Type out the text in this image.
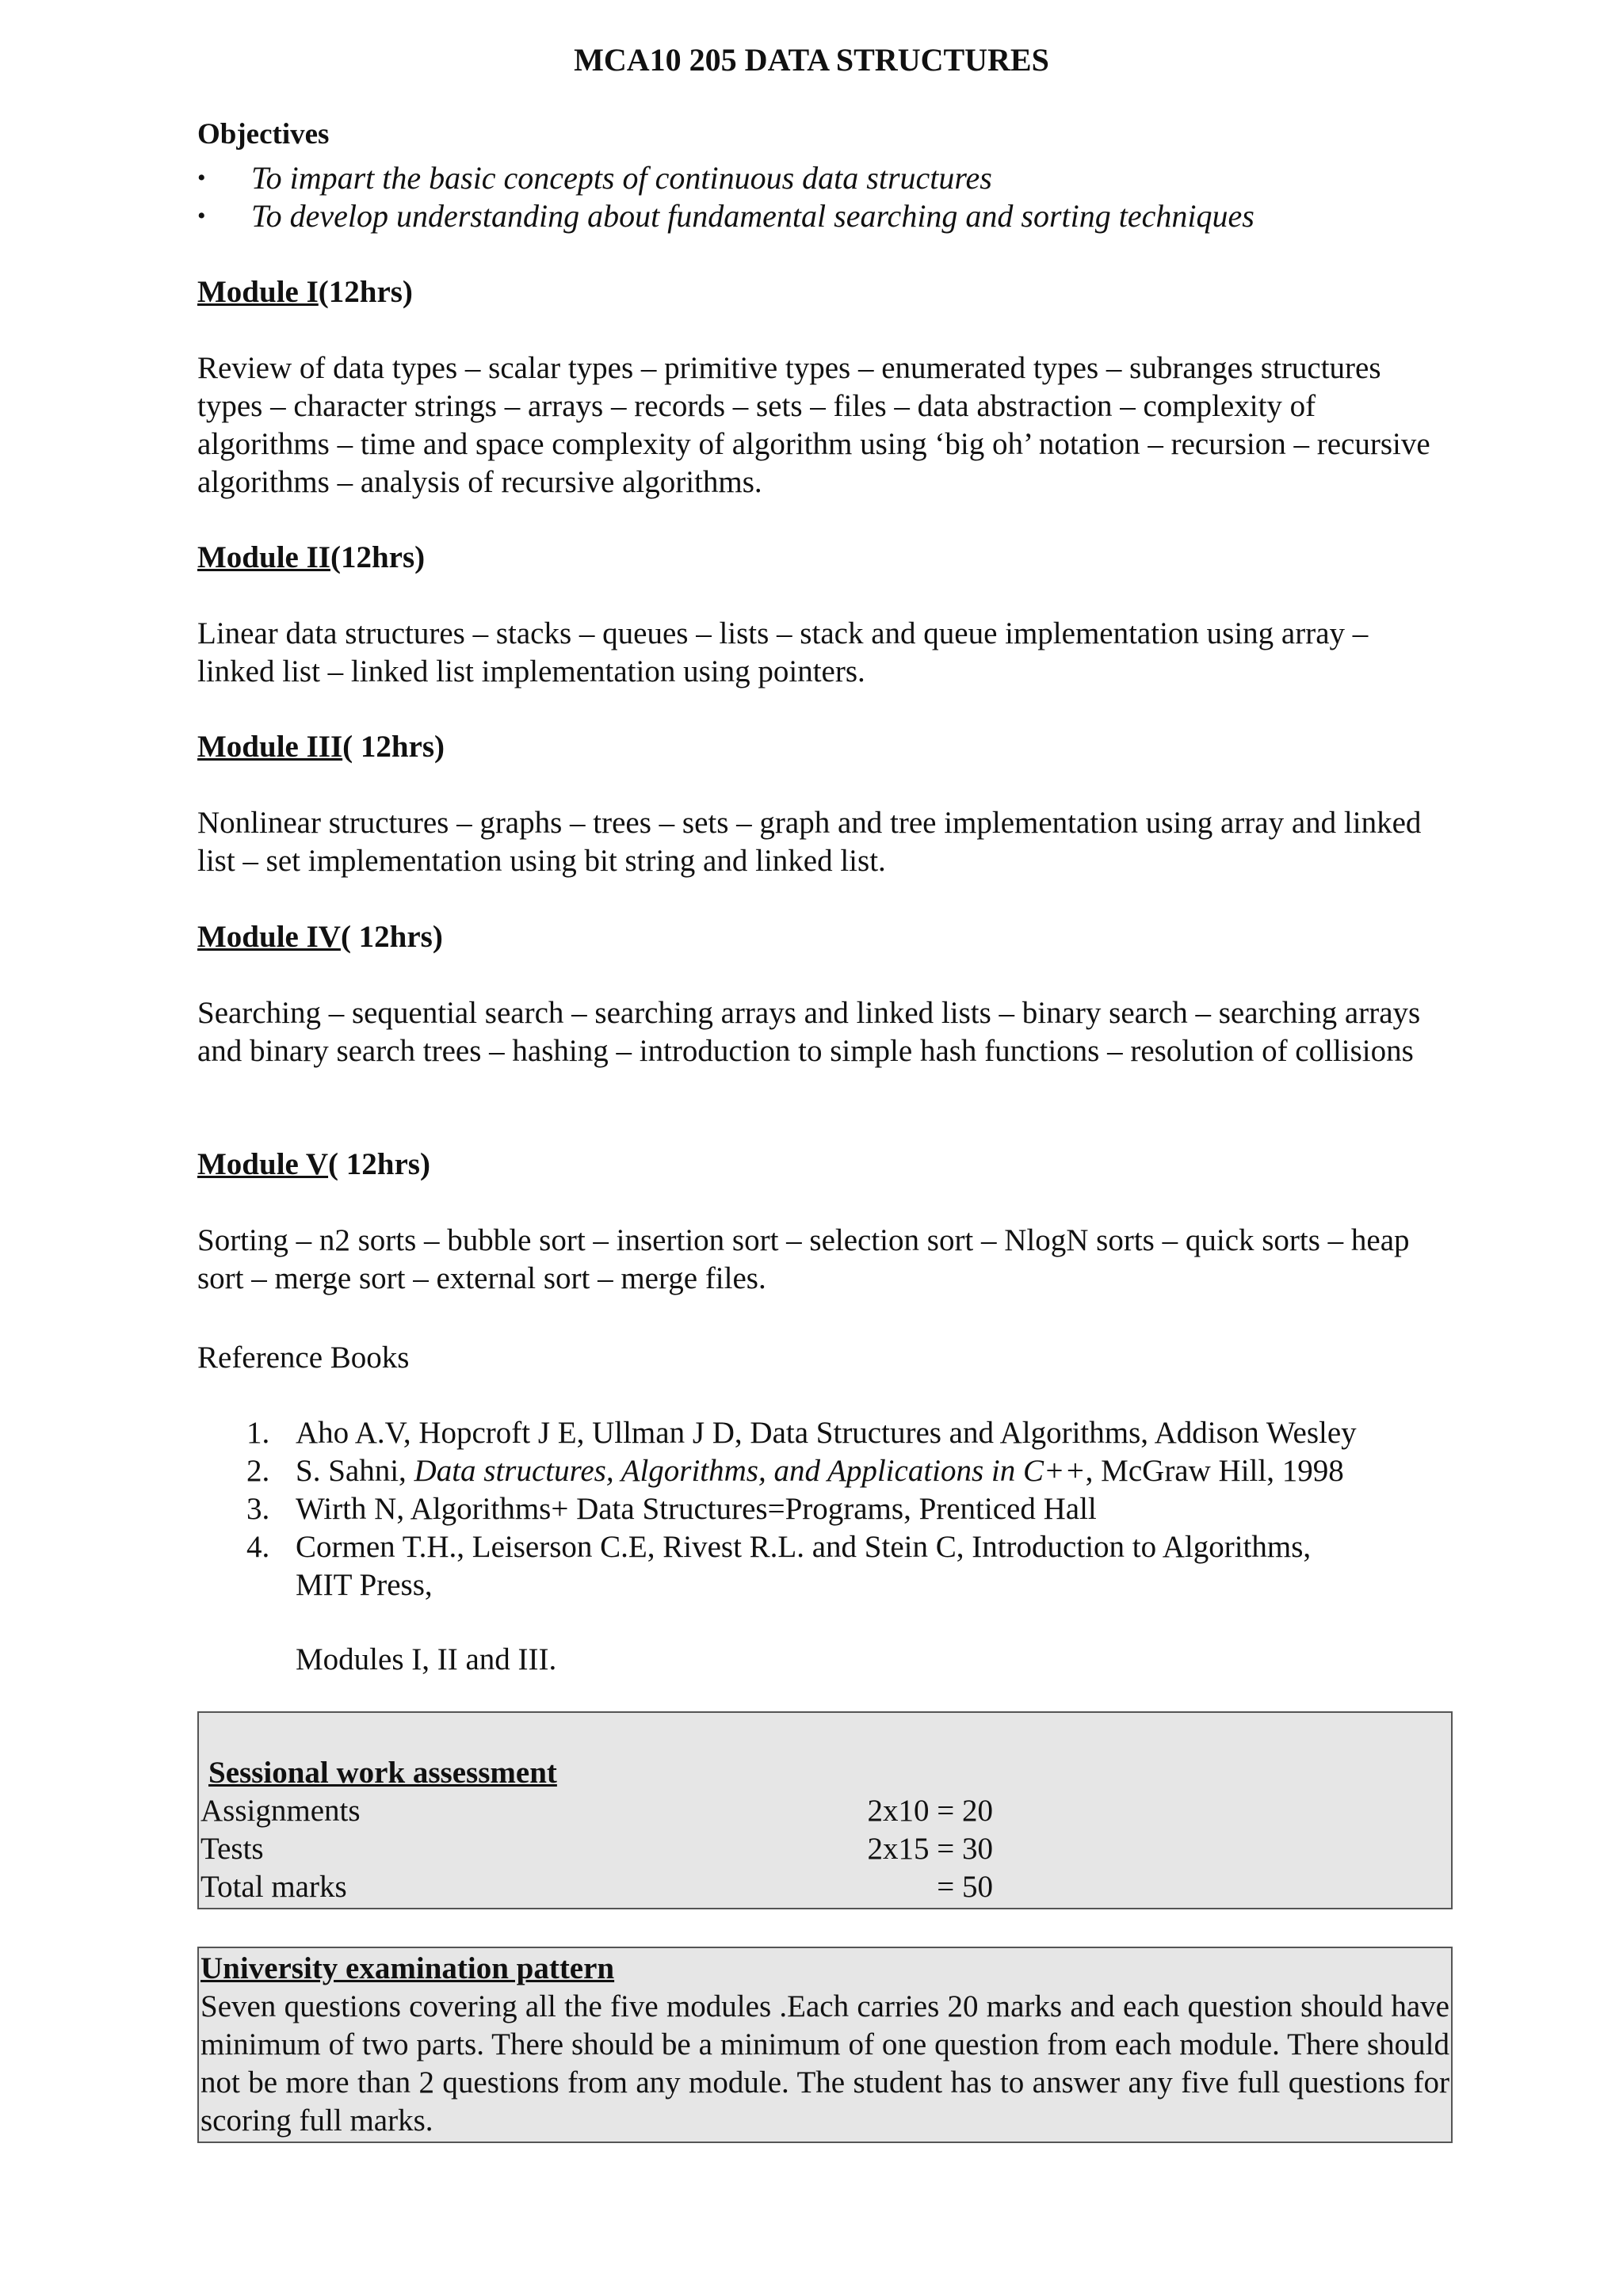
MCA10 205 DATA STRUCTURES
Objectives
•	To impart the basic concepts of continuous data structures
•	To develop understanding about fundamental searching and sorting techniques
Module I(12hrs)

Review of data types – scalar types – primitive types – enumerated types – subranges structures types – character strings – arrays – records – sets – files – data abstraction – complexity of algorithms – time and space complexity of algorithm using ‘big oh’ notation – recursion – recursive algorithms – analysis of recursive algorithms.

Module II(12hrs)

Linear data structures – stacks – queues – lists – stack and queue implementation using array – linked list – linked list implementation using pointers.

Module III( 12hrs)

Nonlinear structures – graphs – trees – sets – graph and tree implementation using array and linked list – set implementation using bit string and linked list.

Module IV( 12hrs)

Searching – sequential search – searching arrays and linked lists – binary search – searching arrays and binary search trees – hashing – introduction to simple hash functions – resolution of collisions

Module V( 12hrs)

Sorting – n2 sorts – bubble sort – insertion sort – selection sort – NlogN sorts – quick sorts – heap sort – merge sort – external sort – merge files.

Reference Books
1. Aho A.V, Hopcroft J E, Ullman J D, Data Structures and Algorithms, Addison Wesley
2. S. Sahni, Data structures, Algorithms, and Applications in C++, McGraw Hill, 1998
3. Wirth N, Algorithms+ Data Structures=Programs, Prenticed Hall
4. Cormen T.H., Leiserson C.E, Rivest R.L. and Stein C, Introduction to Algorithms, MIT Press,
Modules I, II and III.
Sessional work assessment
Assignments	2x10 = 20
Tests	2x15 = 30
Total marks	= 50
University examination pattern
Seven questions covering all the five modules .Each carries 20 marks and each question should have minimum of two parts. There should be a minimum of one question from each module. There should not be more than 2 questions from any module. The student has to answer any five full questions for scoring full marks.
